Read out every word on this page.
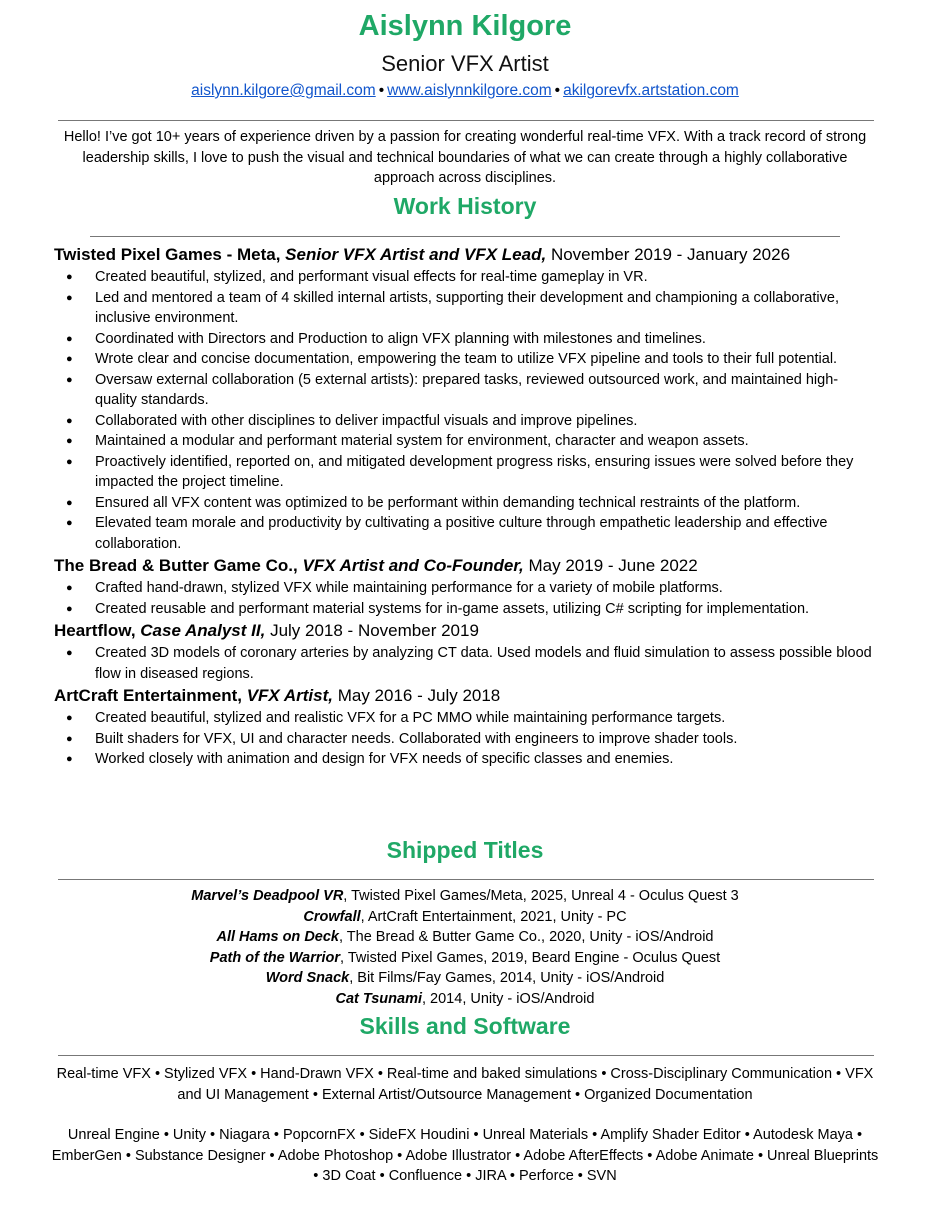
Aislynn Kilgore
Senior VFX Artist
aislynn.kilgore@gmail.com • www.aislynnkilgore.com • akilgorevfx.artstation.com
Hello! I’ve got 10+ years of experience driven by a passion for creating wonderful real-time VFX. With a track record of strong leadership skills, I love to push the visual and technical boundaries of what we can create through a highly collaborative approach across disciplines.
Work History

Twisted Pixel Games - Meta, Senior VFX Artist and VFX Lead, November 2019 - January 2026

● Created beautiful, stylized, and performant visual effects for real-time gameplay in VR.
● Led and mentored a team of 4 skilled internal artists, supporting their development and championing a collaborative, inclusive environment.
● Coordinated with Directors and Production to align VFX planning with milestones and timelines.
● Wrote clear and concise documentation, empowering the team to utilize VFX pipeline and tools to their full potential.
● Oversaw external collaboration (5 external artists): prepared tasks, reviewed outsourced work, and maintained high-quality standards.
● Collaborated with other disciplines to deliver impactful visuals and improve pipelines.
● Maintained a modular and performant material system for environment, character and weapon assets.
● Proactively identified, reported on, and mitigated development progress risks, ensuring issues were solved before they impacted the project timeline.
● Ensured all VFX content was optimized to be performant within demanding technical restraints of the platform.
● Elevated team morale and productivity by cultivating a positive culture through empathetic leadership and effective collaboration.

The Bread & Butter Game Co., VFX Artist and Co-Founder, May 2019 - June 2022

● Crafted hand-drawn, stylized VFX while maintaining performance for a variety of mobile platforms.
● Created reusable and performant material systems for in-game assets, utilizing C# scripting for implementation.

Heartflow, Case Analyst II, July 2018 - November 2019

● Created 3D models of coronary arteries by analyzing CT data. Used models and fluid simulation to assess possible blood flow in diseased regions.

ArtCraft Entertainment, VFX Artist, May 2016 - July 2018

● Created beautiful, stylized and realistic VFX for a PC MMO while maintaining performance targets.
● Built shaders for VFX, UI and character needs. Collaborated with engineers to improve shader tools.
● Worked closely with animation and design for VFX needs of specific classes and enemies.
Shipped Titles
Marvel’s Deadpool VR, Twisted Pixel Games/Meta, 2025, Unreal 4 - Oculus Quest 3
Crowfall, ArtCraft Entertainment, 2021, Unity - PC
All Hams on Deck, The Bread & Butter Game Co., 2020, Unity - iOS/Android
Path of the Warrior, Twisted Pixel Games, 2019, Beard Engine - Oculus Quest
Word Snack, Bit Films/Fay Games, 2014, Unity - iOS/Android
Cat Tsunami, 2014, Unity - iOS/Android
Skills and Software
Real-time VFX • Stylized VFX • Hand-Drawn VFX • Real-time and baked simulations • Cross-Disciplinary Communication • VFX and UI Management • External Artist/Outsource Management • Organized Documentation
Unreal Engine • Unity • Niagara • PopcornFX • SideFX Houdini • Unreal Materials • Amplify Shader Editor • Autodesk Maya • EmberGen • Substance Designer • Adobe Photoshop • Adobe Illustrator • Adobe AfterEffects • Adobe Animate • Unreal Blueprints • 3D Coat • Confluence • JIRA • Perforce • SVN
